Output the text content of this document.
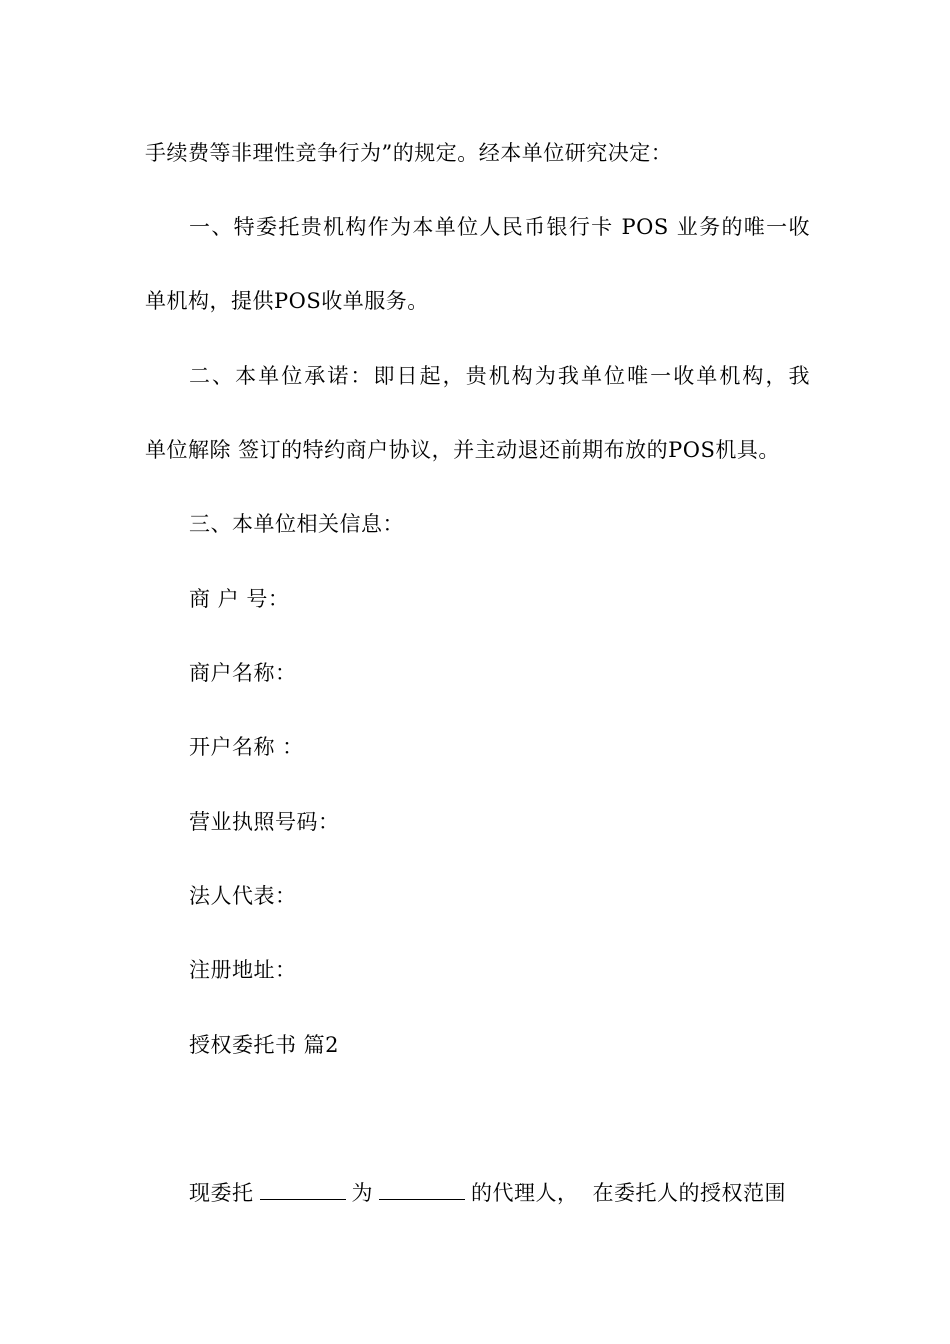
手续费等非理性竞争行为”的规定。经本单位研究决定：
一、特委托贵机构作为本单位人民币银行卡 POS 业务的唯一收
单机构，提供POS收单服务。
二、本单位承诺：即日起，贵机构为我单位唯一收单机构，我
单位解除 签订的特约商户协议，并主动退还前期布放的POS机具。
三、本单位相关信息：
商 户 号：
商户名称：
开户名称 ：
营业执照号码：
法人代表：
注册地址：
授权委托书 篇2
现委托	为	的代理人， 在委托人的授权范围
